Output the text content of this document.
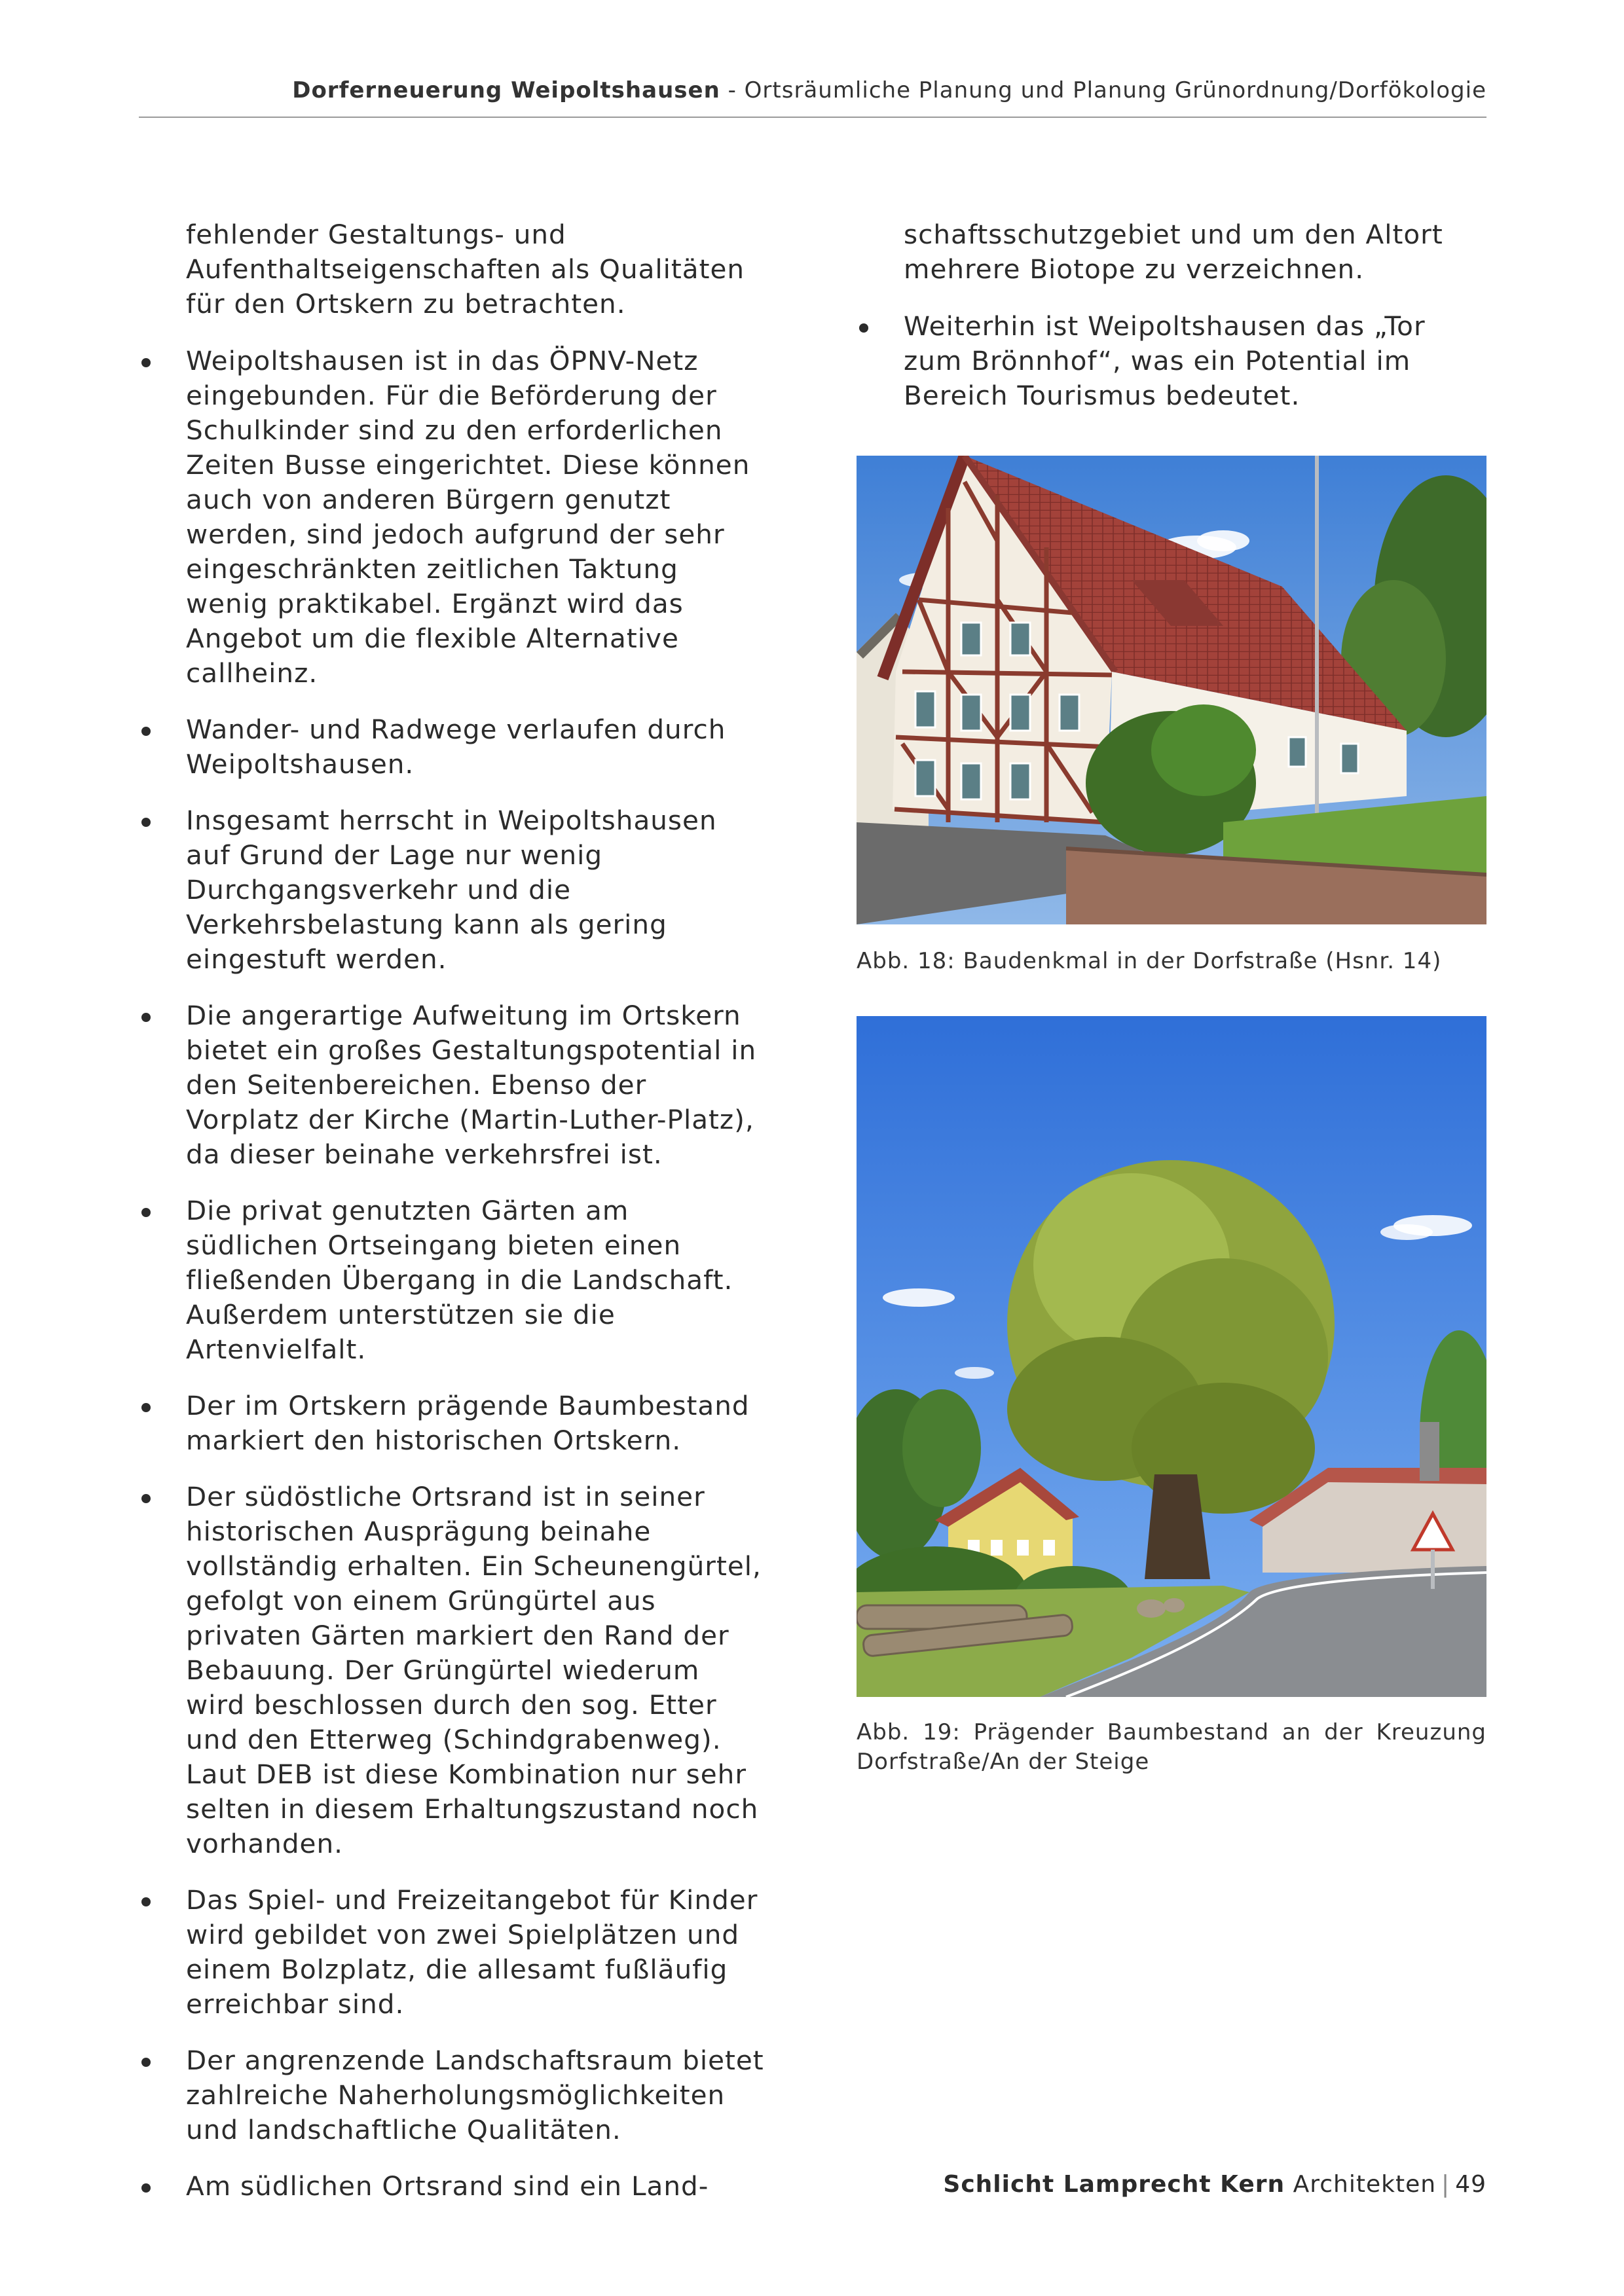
Dorferneuerung Weipoltshausen - Ortsräumliche Planung und Planung Grünordnung/Dorfökologie

fehlender Gestaltungs- und Aufenthaltseigenschaften als Qualitäten für den Ortskern zu betrachten.

Weipoltshausen ist in das ÖPNV-Netz eingebunden. Für die Beförderung der Schulkinder sind zu den erforderlichen Zeiten Busse eingerichtet. Diese können auch von anderen Bürgern genutzt werden, sind jedoch aufgrund der sehr eingeschränkten zeitlichen Taktung wenig praktikabel. Ergänzt wird das Angebot um die flexible Alternative callheinz.
Wander- und Radwege verlaufen durch Weipoltshausen.
Insgesamt herrscht in Weipoltshausen auf Grund der Lage nur wenig Durchgangsverkehr und die Verkehrsbelastung kann als gering eingestuft werden.
Die angerartige Aufweitung im Ortskern bietet ein großes Gestaltungspotential in den Seitenbereichen. Ebenso der Vorplatz der Kirche (Martin-Luther-Platz), da dieser beinahe verkehrsfrei ist.
Die privat genutzten Gärten am südlichen Ortseingang bieten einen fließenden Übergang in die Landschaft. Außerdem unterstützen sie die Artenvielfalt.
Der im Ortskern prägende Baumbestand markiert den historischen Ortskern.
Der südöstliche Ortsrand ist in seiner historischen Ausprägung beinahe vollständig erhalten. Ein Scheunengürtel, gefolgt von einem Grüngürtel aus privaten Gärten markiert den Rand der Bebauung. Der Grüngürtel wiederum wird beschlossen durch den sog. Etter und den Etterweg (Schindgrabenweg). Laut DEB ist diese Kombination nur sehr selten in diesem Erhaltungszustand noch vorhanden.
Das Spiel- und Freizeitangebot für Kinder wird gebildet von zwei Spielplätzen und einem Bolzplatz, die allesamt fußläufig erreichbar sind.
Der angrenzende Landschaftsraum bietet zahlreiche Naherholungsmöglichkeiten und landschaftliche Qualitäten.
Am südlichen Ortsrand sind ein Land-

schaftsschutzgebiet und um den Altort mehrere Biotope zu verzeichnen.

Weiterhin ist Weipoltshausen das „Tor zum Brönnhof“, was ein Potential im Bereich Tourismus bedeutet.
Abb. 18: Baudenkmal in der Dorfstraße (Hsnr. 14)
Abb. 19: Prägender Baumbestand an der Kreuzung Dorfstraße/An der Steige
Schlicht Lamprecht Kern Architekten | 49
